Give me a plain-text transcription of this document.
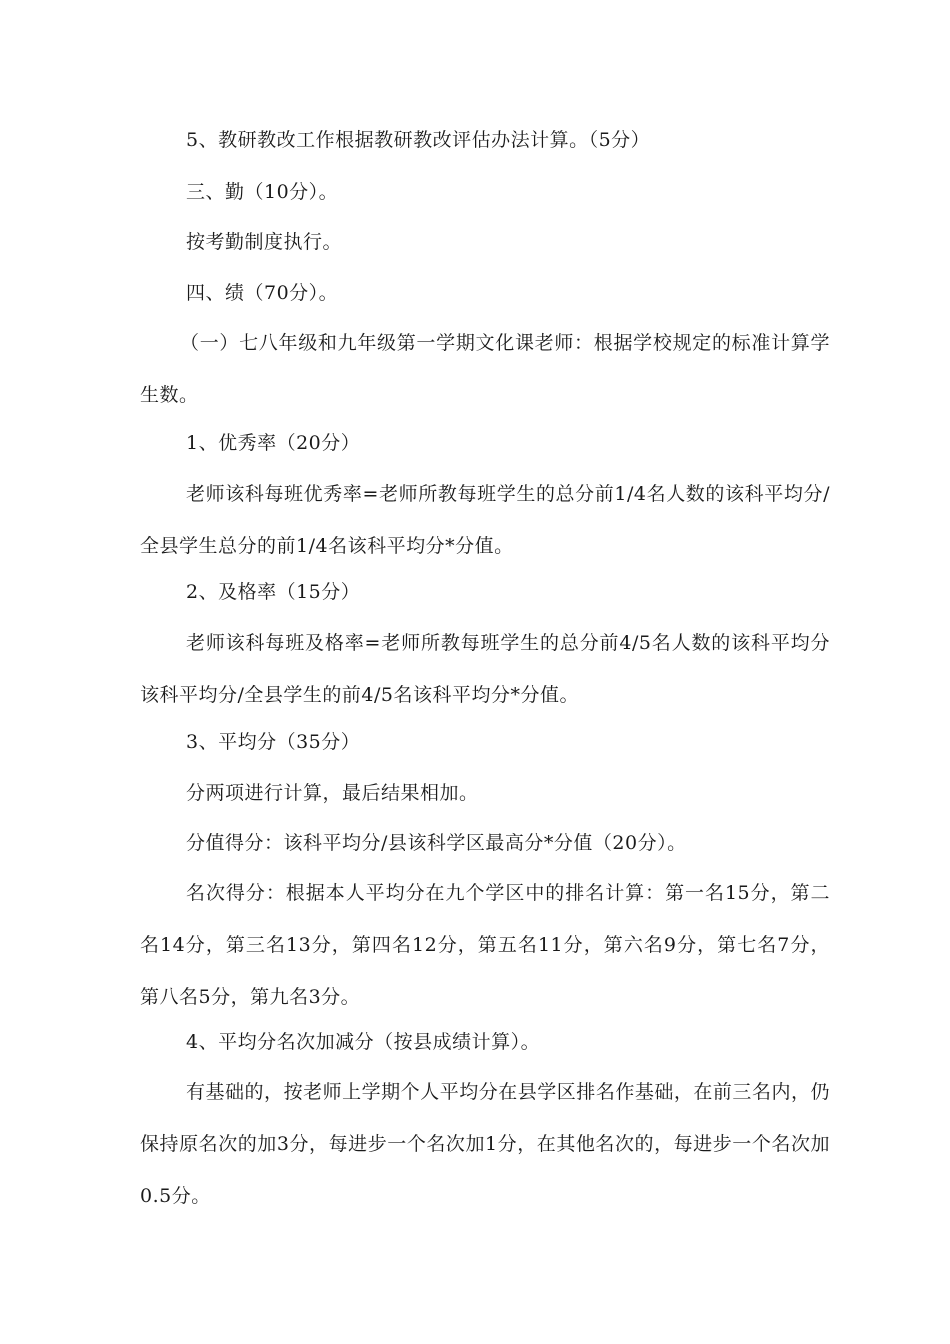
5、教研教改工作根据教研教改评估办法计算。（5分）

三、勤（10分）。

按考勤制度执行。

四、绩（70分）。

（一）七八年级和九年级第一学期文化课老师：根据学校规定的标准计算学生数。

1、优秀率（20分）

老师该科每班优秀率=老师所教每班学生的总分前1/4名人数的该科平均分/全县学生总分的前1/4名该科平均分*分值。

2、及格率（15分）

老师该科每班及格率=老师所教每班学生的总分前4/5名人数的该科平均分该科平均分/全县学生的前4/5名该科平均分*分值。

3、平均分（35分）

分两项进行计算，最后结果相加。

分值得分：该科平均分/县该科学区最高分*分值（20分）。

名次得分：根据本人平均分在九个学区中的排名计算：第一名15分，第二名14分，第三名13分，第四名12分，第五名11分，第六名9分，第七名7分，第八名5分，第九名3分。

4、平均分名次加减分（按县成绩计算）。

有基础的，按老师上学期个人平均分在县学区排名作基础，在前三名内，仍保持原名次的加3分，每进步一个名次加1分，在其他名次的，每进步一个名次加0.5分。
